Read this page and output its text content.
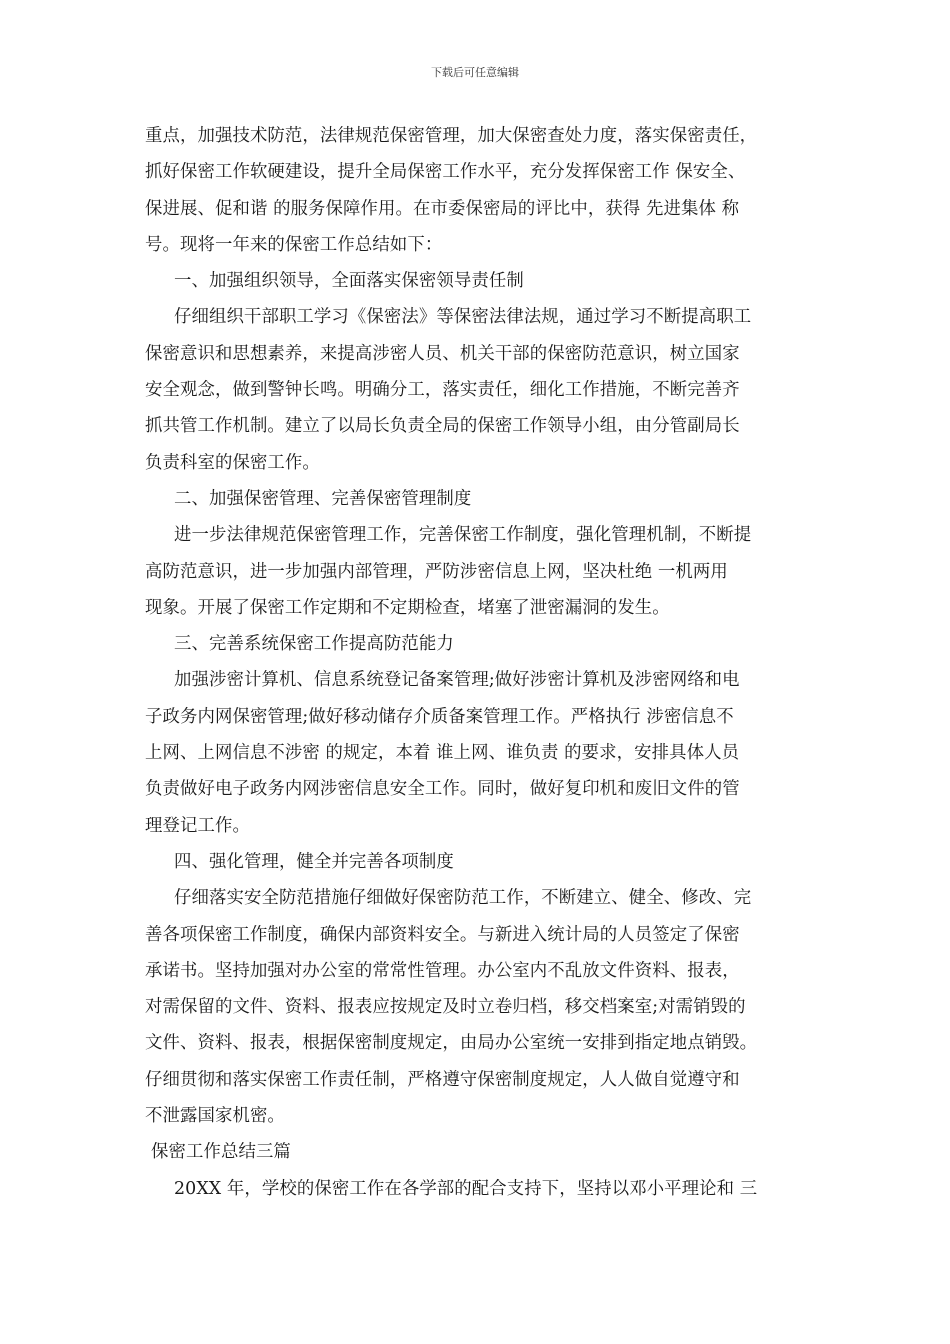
下载后可任意编辑
重点，加强技术防范，法律规范保密管理，加大保密查处力度，落实保密责任，
抓好保密工作软硬建设，提升全局保密工作水平，充分发挥保密工作 保安全、
保进展、促和谐 的服务保障作用。在市委保密局的评比中，获得 先进集体 称
号。现将一年来的保密工作总结如下：
一、加强组织领导，全面落实保密领导责任制
仔细组织干部职工学习《保密法》等保密法律法规，通过学习不断提高职工
保密意识和思想素养，来提高涉密人员、机关干部的保密防范意识，树立国家
安全观念，做到警钟长鸣。明确分工，落实责任，细化工作措施，不断完善齐
抓共管工作机制。建立了以局长负责全局的保密工作领导小组，由分管副局长
负责科室的保密工作。
二、加强保密管理、完善保密管理制度
进一步法律规范保密管理工作，完善保密工作制度，强化管理机制，不断提
高防范意识，进一步加强内部管理，严防涉密信息上网，坚决杜绝 一机两用
现象。开展了保密工作定期和不定期检查，堵塞了泄密漏洞的发生。
三、完善系统保密工作提高防范能力
加强涉密计算机、信息系统登记备案管理;做好涉密计算机及涉密网络和电
子政务内网保密管理;做好移动储存介质备案管理工作。严格执行 涉密信息不
上网、上网信息不涉密 的规定，本着 谁上网、谁负责 的要求，安排具体人员
负责做好电子政务内网涉密信息安全工作。同时，做好复印机和废旧文件的管
理登记工作。
四、强化管理，健全并完善各项制度
仔细落实安全防范措施仔细做好保密防范工作，不断建立、健全、修改、完
善各项保密工作制度，确保内部资料安全。与新进入统计局的人员签定了保密
承诺书。坚持加强对办公室的常常性管理。办公室内不乱放文件资料、报表，
对需保留的文件、资料、报表应按规定及时立卷归档，移交档案室;对需销毁的
文件、资料、报表，根据保密制度规定，由局办公室统一安排到指定地点销毁。
仔细贯彻和落实保密工作责任制，严格遵守保密制度规定，人人做自觉遵守和
不泄露国家机密。
保密工作总结三篇
20XX 年，学校的保密工作在各学部的配合支持下，坚持以邓小平理论和 三
